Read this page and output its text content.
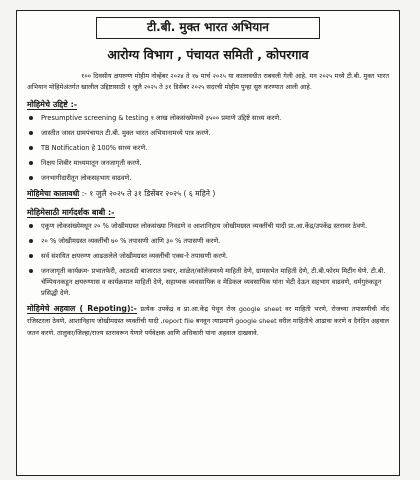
टी.बी. मुक्त भारत अभियान
आरोग्य विभाग , पंचायत समिती , कोपरगाव
१०० दिवसीय क्षयरुग्ण मोहीम नोव्हेंबर २०२४ ते १७ मार्च २०२५ या कालावधीत राबवली गेली आहे. मन २०२५ मध्ये टी.बी. मुक्त भारत अभियान मोहिमेअंतर्गत खालील उद्दिष्टासाठी १ जुलै २०२५ ते ३१ डिसेंबर २०२५ सदरची मोहीम पुन्हा सुरु करण्यात आली आहे.
मोहिमेचे उद्दिष्टे :-
Presumptive screening & testing १ लाख लोकसंख्येमध्ये ३५०० प्रमाणे उद्दिष्टे साध्य करणे.
जास्तीत जास्त ग्रामपंचायत टी.बी. मुक्त भारत अभियानामध्ये पात्र करणे.
TB Notification हे 100% साध्य करणे.
निक्षय शिबीर माध्यमातून जनजागृती करणे.
जनभागीदारीतून लोकसहभाग वाढवणे.
मोहिमेचा कालावधी :- १ जुलै २०२५ ते ३१ डिसेंबर २०२५ ( ६ महिने )
मोहिमेसाठी मार्गदर्शक बाबी :-
एकूण लोकसंख्येमधून २० % जोखीमग्रस्त लोकसंख्या निवडणे व आशानिहाय जोखीमग्रस्त व्यक्तींची यादी प्रा.आ.केंद्र/उपकेंद्र स्तरावर ठेवणे.
२० % जोखीमग्रस्त व्यक्तींची ७० % तपासणी आणि ३० % तपासणी करणे.
सर्व संशयित क्षयरुग्ण आढळलेले जोखीमग्रस्त व्यक्तींची एक्स-रे तपासणी करणे.
जनजागृती कार्यक्रम- प्रभातफेरी, आठवडी बाजारात प्रचार, शाळेत/कॉलेजमध्ये माहिती देणे, ग्रामसभेत माहिती देणे, टी.बी.फोरम मिटींग घेणे. टी.बी. चॅम्पियनकडून क्षयरुग्णास व कार्यक्रमात माहिती देणे, सहाय्यक व्यवसायिक व मेडिकल व्यवसायिक यांना भेटी देऊन सहभाग वाढवणे, धर्मगुरुंकडून प्रसिद्धी देणे.
मोहिमेचे अहवाल ( Repoting):- प्रत्येक उपकेंद्र व प्रा.आ.केंद्र येथून रोज google sheet वर माहिती भरणे, रोजच्या तपासणीची नोंद रजिस्टरला ठेवणे, आशानिहाय जोखीमग्रस्त व्यक्तींची यादी ,report file बनवून त्याप्रमाणे google sheet वरील माहितीचे आढावा करणे व दैनंदिन अहवाल जतन करणे. तालुका/जिल्हा/राज्य स्तरावरून येणारे पर्यवेक्षक आणि अधिकारी यांना अहवाल दाखवावे.
